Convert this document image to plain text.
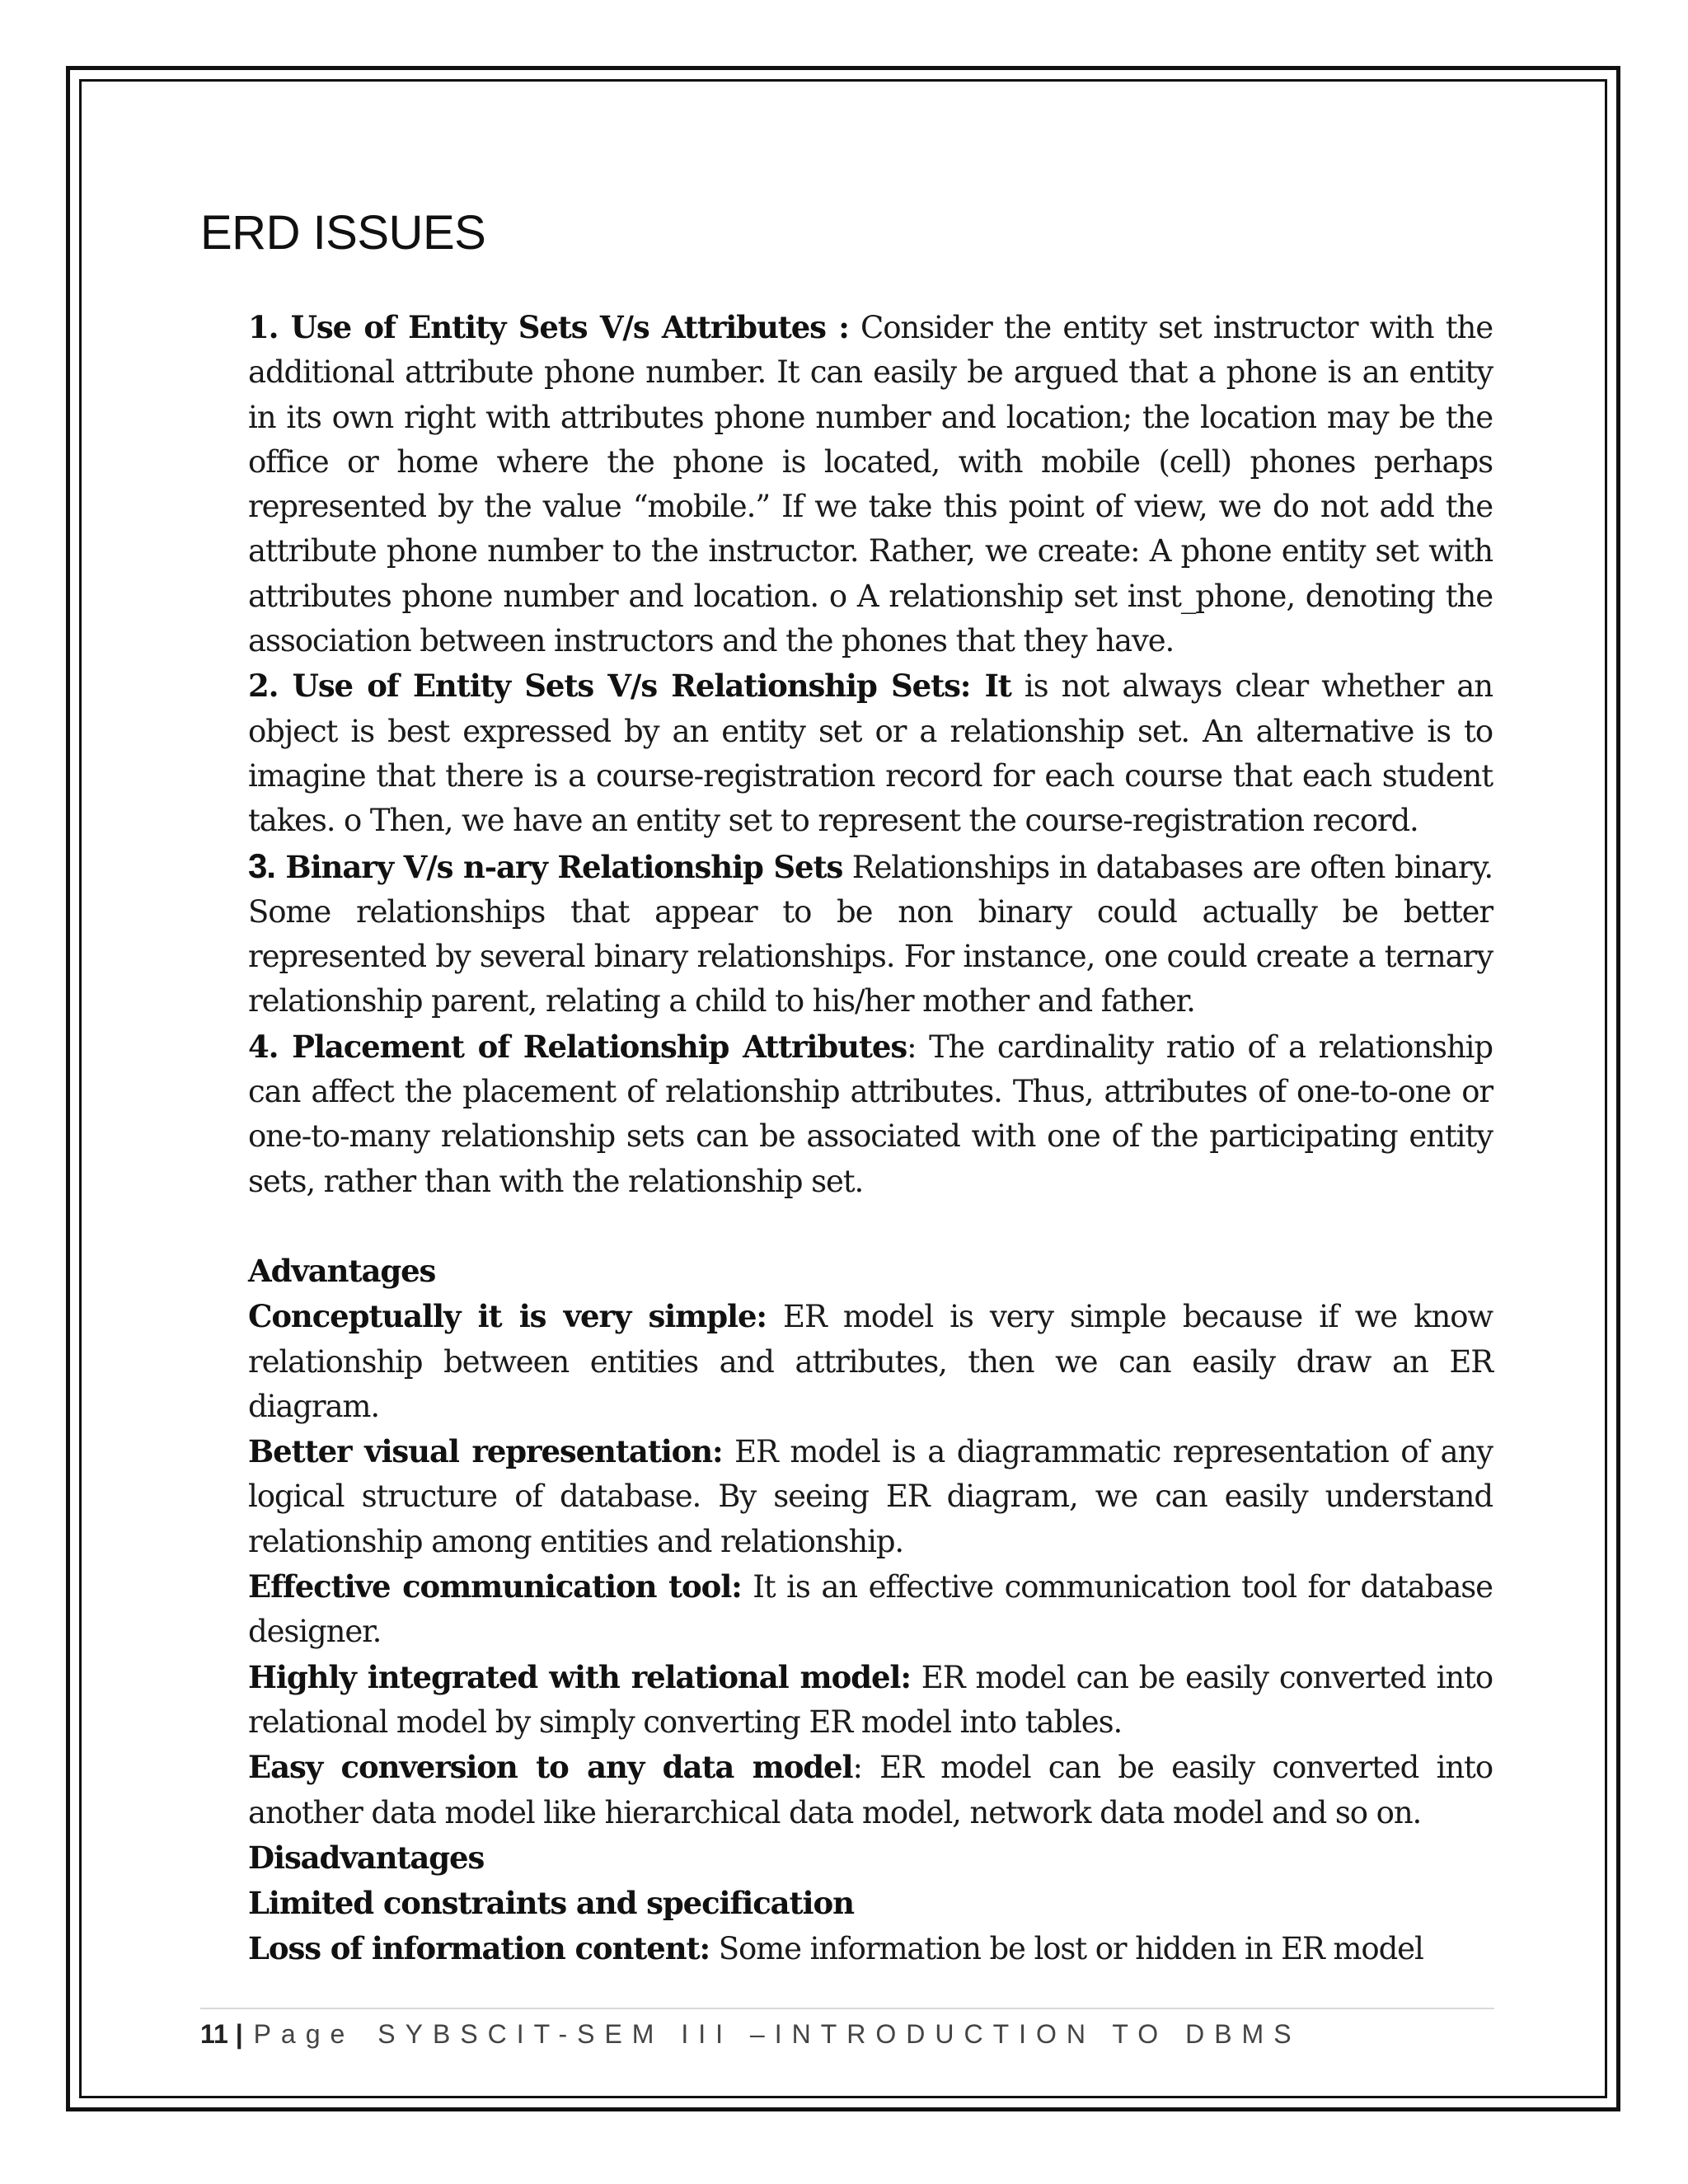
ERD ISSUES

1. Use of Entity Sets V/s Attributes : Consider the entity set instructor with the additional attribute phone number. It can easily be argued that a phone is an entity in its own right with attributes phone number and location; the location may be the office or home where the phone is located, with mobile (cell) phones perhaps represented by the value “mobile.” If we take this point of view, we do not add the attribute phone number to the instructor. Rather, we create: A phone entity set with attributes phone number and location. o A relationship set inst_phone, denoting the association between instructors and the phones that they have.

2. Use of Entity Sets V/s Relationship Sets: It is not always clear whether an object is best expressed by an entity set or a relationship set. An alternative is to imagine that there is a course-registration record for each course that each student takes. o Then, we have an entity set to represent the course-registration record.

3. Binary V/s n-ary Relationship Sets Relationships in databases are often binary. Some relationships that appear to be non binary could actually be better represented by several binary relationships. For instance, one could create a ternary relationship parent, relating a child to his/her mother and father.

4. Placement of Relationship Attributes: The cardinality ratio of a relationship can affect the placement of relationship attributes. Thus, attributes of one-to-one or one-to-many relationship sets can be associated with one of the participating entity sets, rather than with the relationship set.

Advantages

Conceptually it is very simple: ER model is very simple because if we know relationship between entities and attributes, then we can easily draw an ER diagram.

Better visual representation: ER model is a diagrammatic representation of any logical structure of database. By seeing ER diagram, we can easily understand relationship among entities and relationship.

Effective communication tool: It is an effective communication tool for database designer.

Highly integrated with relational model: ER model can be easily converted into relational model by simply converting ER model into tables.

Easy conversion to any data model: ER model can be easily converted into another data model like hierarchical data model, network data model and so on.

Disadvantages

Limited constraints and specification

Loss of information content: Some information be lost or hidden in ER model

11 | Page SYBSCIT-SEM III –INTRODUCTION TO DBMS
